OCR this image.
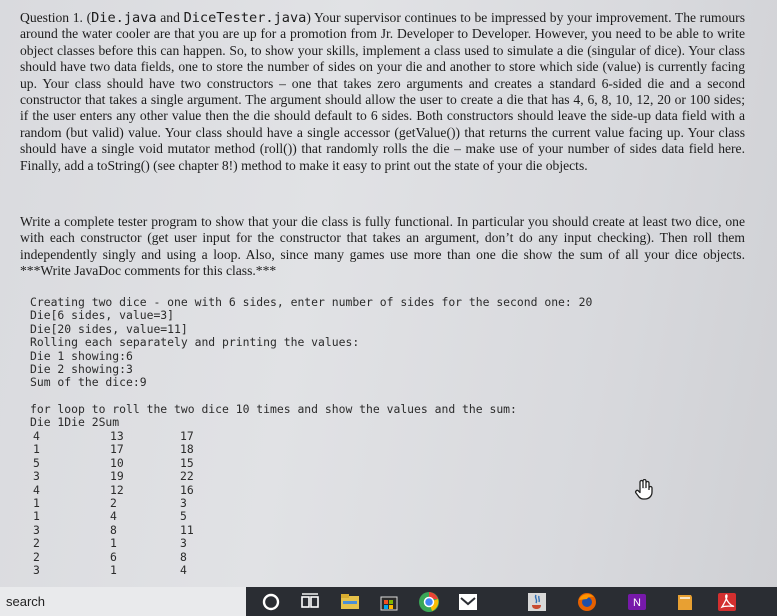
Question 1. (Die.java and DiceTester.java) Your supervisor continues to be impressed by your improvement. The rumours around the water cooler are that you are up for a promotion from Jr. Developer to Developer. However, you need to be able to write object classes before this can happen. So, to show your skills, implement a class used to simulate a die (singular of dice). Your class should have two data fields, one to store the number of sides on your die and another to store which side (value) is currently facing up. Your class should have two constructors – one that takes zero arguments and creates a standard 6-sided die and a second constructor that takes a single argument. The argument should allow the user to create a die that has 4, 6, 8, 10, 12, 20 or 100 sides; if the user enters any other value then the die should default to 6 sides. Both constructors should leave the side-up data field with a random (but valid) value. Your class should have a single accessor (getValue()) that returns the current value facing up. Your class should have a single void mutator method (roll()) that randomly rolls the die – make use of your number of sides data field here. Finally, add a toString() (see chapter 8!) method to make it easy to print out the state of your die objects.

Write a complete tester program to show that your die class is fully functional. In particular you should create at least two dice, one with each constructor (get user input for the constructor that takes an argument, don’t do any input checking). Then roll them independently singly and using a loop. Also, since many games use more than one die show the sum of all your dice objects. ***Write JavaDoc comments for this class.***

Creating two dice - one with 6 sides, enter number of sides for the second one: 20
Die[6 sides, value=3]
Die[20 sides, value=11]
Rolling each separately and printing the values:
Die 1 showing:6
Die 2 showing:3
Sum of the dice:9
for loop to roll the two dice 10 times and show the values and the sum:
Die 1Die 2Sum
4
1
5
3
4
1
1
3
2
2
3
13
17
10
19
12
2
4
8
1
6
1
17
18
15
22
16
3
5
11
3
8
4
search	N
